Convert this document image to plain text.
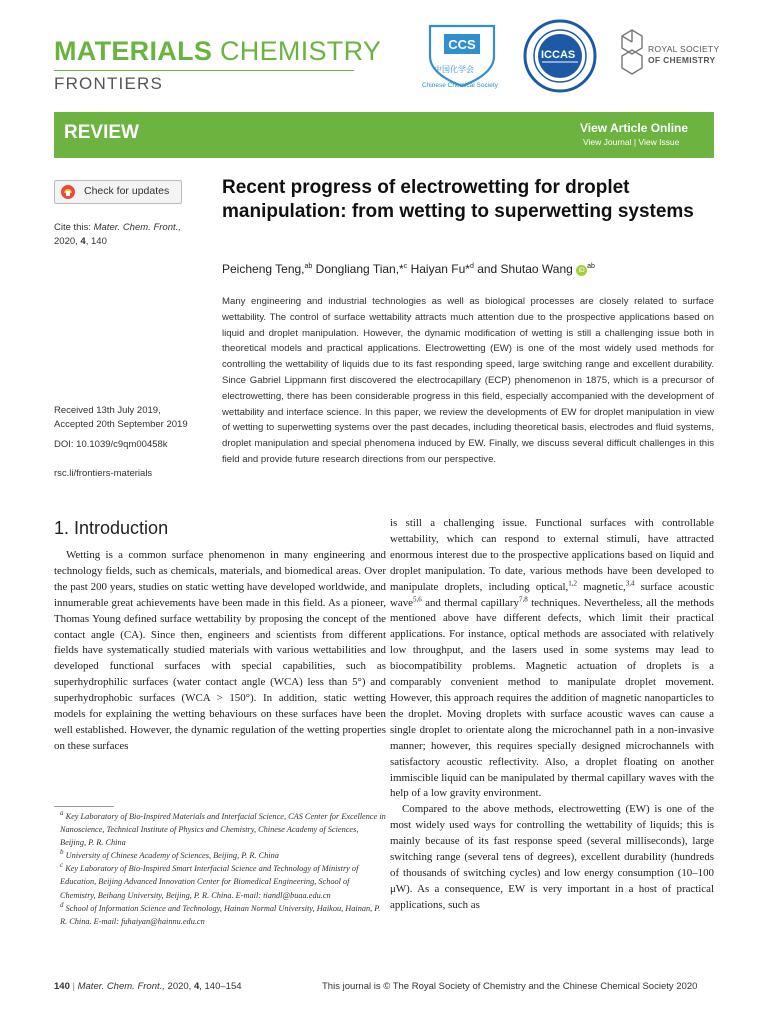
MATERIALS CHEMISTRY
FRONTIERS
CCS
中国化学会
Chinese Chemical Society
ICCAS	ROYAL SOCIETY
OF CHEMISTRY
REVIEW	View Article Online
View Journal | View Issue
Check for updates
Cite this: Mater. Chem. Front.,
2020, 4, 140
Received 13th July 2019,
Accepted 20th September 2019
DOI: 10.1039/c9qm00458k
rsc.li/frontiers-materials
Recent progress of electrowetting for droplet manipulation: from wetting to superwetting systems
Peicheng Teng,$^{ab}$ Dongliang Tian,*$^c$ Haiyan Fu*$^d$ and Shutao Wang $iD^{ab}$
Many engineering and industrial technologies as well as biological processes are closely related to surface wettability. The control of surface wettability attracts much attention due to the prospective applications based on liquid and droplet manipulation. However, the dynamic modification of wetting is still a challenging issue both in theoretical models and practical applications. Electrowetting (EW) is one of the most widely used methods for controlling the wettability of liquids due to its fast responding speed, large switching range and excellent durability. Since Gabriel Lippmann first discovered the electrocapillary (ECP) phenomenon in 1875, which is a precursor of electrowetting, there has been considerable progress in this field, especially accompanied with the development of wettability and interface science. In this paper, we review the developments of EW for droplet manipulation in view of wetting to superwetting systems over the past decades, including theoretical basis, electrodes and fluid systems, droplet manipulation and special phenomena induced by EW. Finally, we discuss several difficult challenges in this field and provide future research directions from our perspective.
1. Introduction

Wetting is a common surface phenomenon in many engineering and technology fields, such as chemicals, materials, and biomedical areas. Over the past 200 years, studies on static wetting have developed worldwide, and innumerable great achievements have been made in this field. As a pioneer, Thomas Young defined surface wettability by proposing the concept of the contact angle (CA). Since then, engineers and scientists from different fields have systematically studied materials with various wettabilities and developed functional surfaces with special capabilities, such as superhydrophilic surfaces (water contact angle (WCA) less than 5°) and superhydrophobic surfaces (WCA > 150°). In addition, static wetting models for explaining the wetting behaviours on these surfaces have been well established. However, the dynamic regulation of the wetting properties on these surfaces

is still a challenging issue. Functional surfaces with controllable wettability, which can respond to external stimuli, have attracted enormous interest due to the prospective applications based on liquid and droplet manipulation. To date, various methods have been developed to manipulate droplets, including optical,$^{1,2}$ magnetic,$^{3,4}$ surface acoustic wave$^{5,6}$ and thermal capillary$^{7,8}$ techniques. Nevertheless, all the methods mentioned above have different defects, which limit their practical applications. For instance, optical methods are associated with relatively low throughput, and the lasers used in some systems may lead to biocompatibility problems. Magnetic actuation of droplets is a comparably convenient method to manipulate droplet movement. However, this approach requires the addition of magnetic nanoparticles to the droplet. Moving droplets with surface acoustic waves can cause a single droplet to orientate along the microchannel path in a non-invasive manner; however, this requires specially designed microchannels with satisfactory acoustic reflectivity. Also, a droplet floating on another immiscible liquid can be manipulated by thermal capillary waves with the help of a low gravity environment.

Compared to the above methods, electrowetting (EW) is one of the most widely used ways for controlling the wettability of liquids; this is mainly because of its fast response speed (several milliseconds), large switching range (several tens of degrees), excellent durability (hundreds of thousands of switching cycles) and low energy consumption (10–100 μW). As a consequence, EW is very important in a host of practical applications, such as

$^a$ Key Laboratory of Bio-Inspired Materials and Interfacial Science, CAS Center for Excellence in Nanoscience, Technical Institute of Physics and Chemistry, Chinese Academy of Sciences, Beijing, P. R. China

$^b$ University of Chinese Academy of Sciences, Beijing, P. R. China

$^c$ Key Laboratory of Bio-Inspired Smart Interfacial Science and Technology of Ministry of Education, Beijing Advanced Innovation Center for Biomedical Engineering, School of Chemistry, Beihang University, Beijing, P. R. China. E-mail: tiandl@buaa.edu.cn

$^d$ School of Information Science and Technology, Hainan Normal University, Haikou, Hainan, P. R. China. E-mail: fuhaiyan@hainnu.edu.cn

140 | Mater. Chem. Front., 2020, 4, 140–154	This journal is © The Royal Society of Chemistry and the Chinese Chemical Society 2020
